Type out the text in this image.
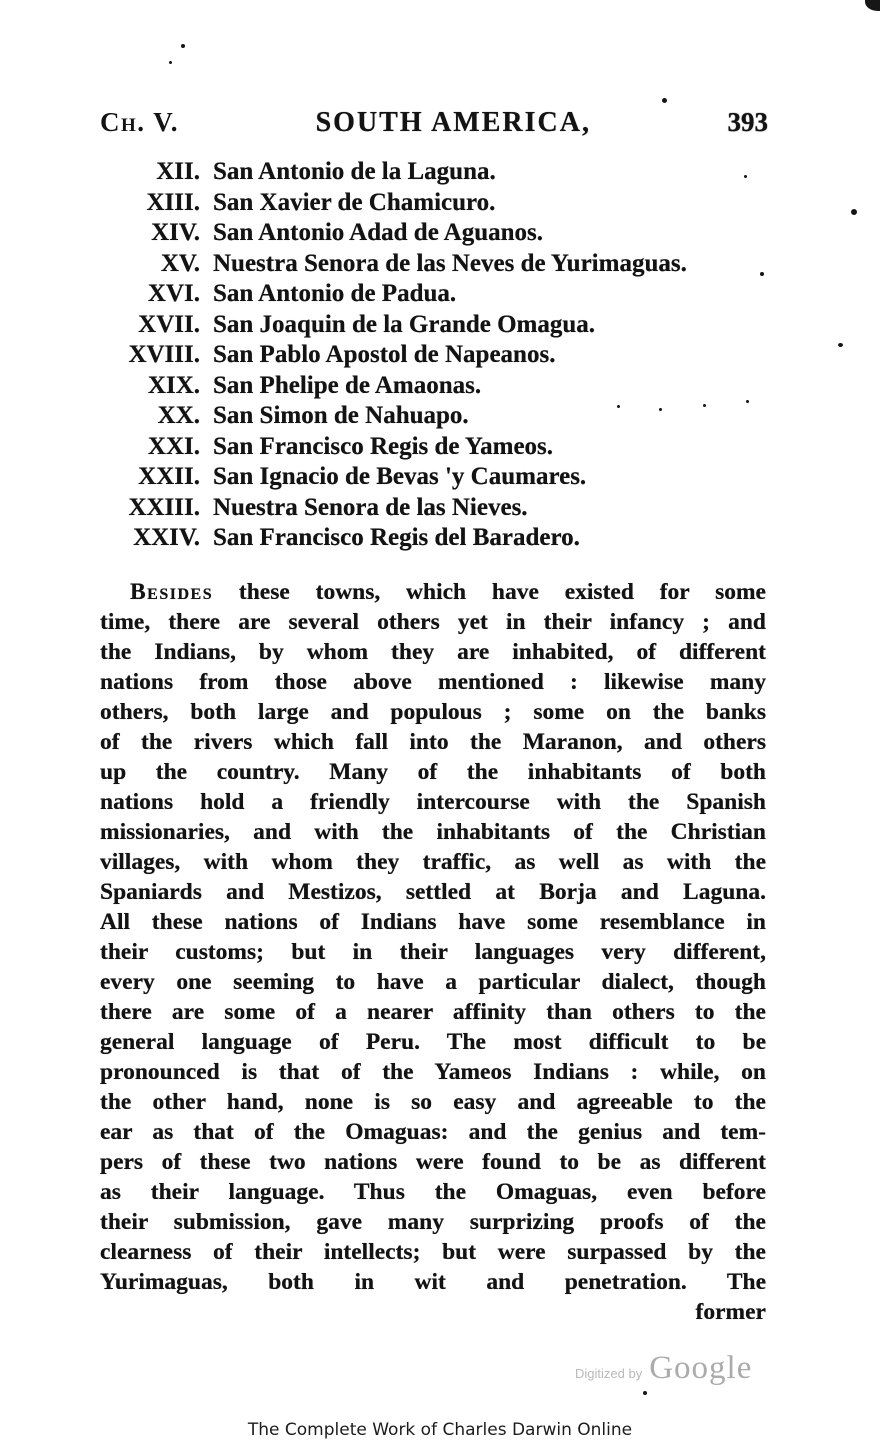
Ch. V.	SOUTH AMERICA,	393
XII. San Antonio de la Laguna.
XIII. San Xavier de Chamicuro.
XIV. San Antonio Adad de Aguanos.
XV. Nuestra Senora de las Neves de Yurimaguas.
XVI. San Antonio de Padua.
XVII. San Joaquin de la Grande Omagua.
XVIII. San Pablo Apostol de Napeanos.
XIX. San Phelipe de Amaonas.
XX. San Simon de Nahuapo.
XXI. San Francisco Regis de Yameos.
XXII. San Ignacio de Bevas 'y Caumares.
XXIII. Nuestra Senora de las Nieves.
XXIV. San Francisco Regis del Baradero.
Besides these towns, which have existed for some
time, there are several others yet in their infancy ; and
the Indians, by whom they are inhabited, of different
nations from those above mentioned : likewise many
others, both large and populous ; some on the banks
of the rivers which fall into the Maranon, and others
up the country. Many of the inhabitants of both
nations hold a friendly intercourse with the Spanish
missionaries, and with the inhabitants of the Christian
villages, with whom they traffic, as well as with the
Spaniards and Mestizos, settled at Borja and Laguna.
All these nations of Indians have some resemblance in
their customs; but in their languages very different,
every one seeming to have a particular dialect, though
there are some of a nearer affinity than others to the
general language of Peru. The most difficult to be
pronounced is that of the Yameos Indians : while, on
the other hand, none is so easy and agreeable to the
ear as that of the Omaguas: and the genius and tem-
pers of these two nations were found to be as different
as their language. Thus the Omaguas, even before
their submission, gave many surprizing proofs of the
clearness of their intellects; but were surpassed by the
Yurimaguas, both in wit and penetration. The
former
Digitized by Google
The Complete Work of Charles Darwin Online
